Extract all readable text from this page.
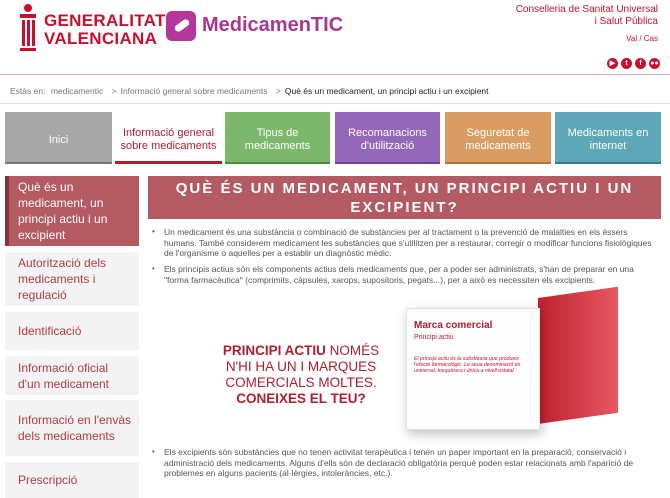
GENERALITAT
VALENCIANA
MedicamenTIC
Conselleria de Sanitat Universal
i Salut Pública
Val / Cas
▶	t	f	●●
Estàs en: medicamentic > Informació general sobre medicaments > Què és un medicament, un principi actiu i un excipient
Inici
Informació general sobre medicaments
Tipus de medicaments
Recomanacions d'utilització
Seguretat de medicaments
Medicaments en internet
Què és un medicament, un principi actiu i un excipient
Autorització dels medicaments i regulació
Identificació
Informació oficial d'un medicament
Informació en l'envàs dels medicaments
Prescripció
QUÈ ÉS UN MEDICAMENT, UN PRINCIPI ACTIU I UN EXCIPIENT?
• Un medicament és una substància o combinació de substàncies per al tractament o la prevenció de malalties en els éssers humans. També considerem medicament les substàncies que s'utilitzen per a restaurar, corregir o modificar funcions fisiològiques de l'organisme o aquelles per a establir un diagnòstic mèdic.
• Els principis actius són els components actius dels medicaments que, per a poder ser administrats, s'han de preparar en una "forma farmacèutica" (comprimits, càpsules, xarops, supositoris, pegats...), per a això es necessiten els excipients.
PRINCIPI ACTIU NOMÉS N'HI HA UN I MARQUES COMERCIALS MOLTES.
CONEIXES EL TEU?
Marca comercial
Principi actiu
El principi actiu és la substància que produeix l'efecte farmacològic. La seua denominació és universal, inequívoca i única a nivell estatal.
• Els excipients són substàncies que no tenen activitat terapèutica i tenen un paper important en la preparació, conservació i administració dels medicaments. Alguns d'ells són de declaració obligatòria perquè poden estar relacionats amb l'aparició de problemes en alguns pacients (al·lèrgies, intoleràncies, etc.).
